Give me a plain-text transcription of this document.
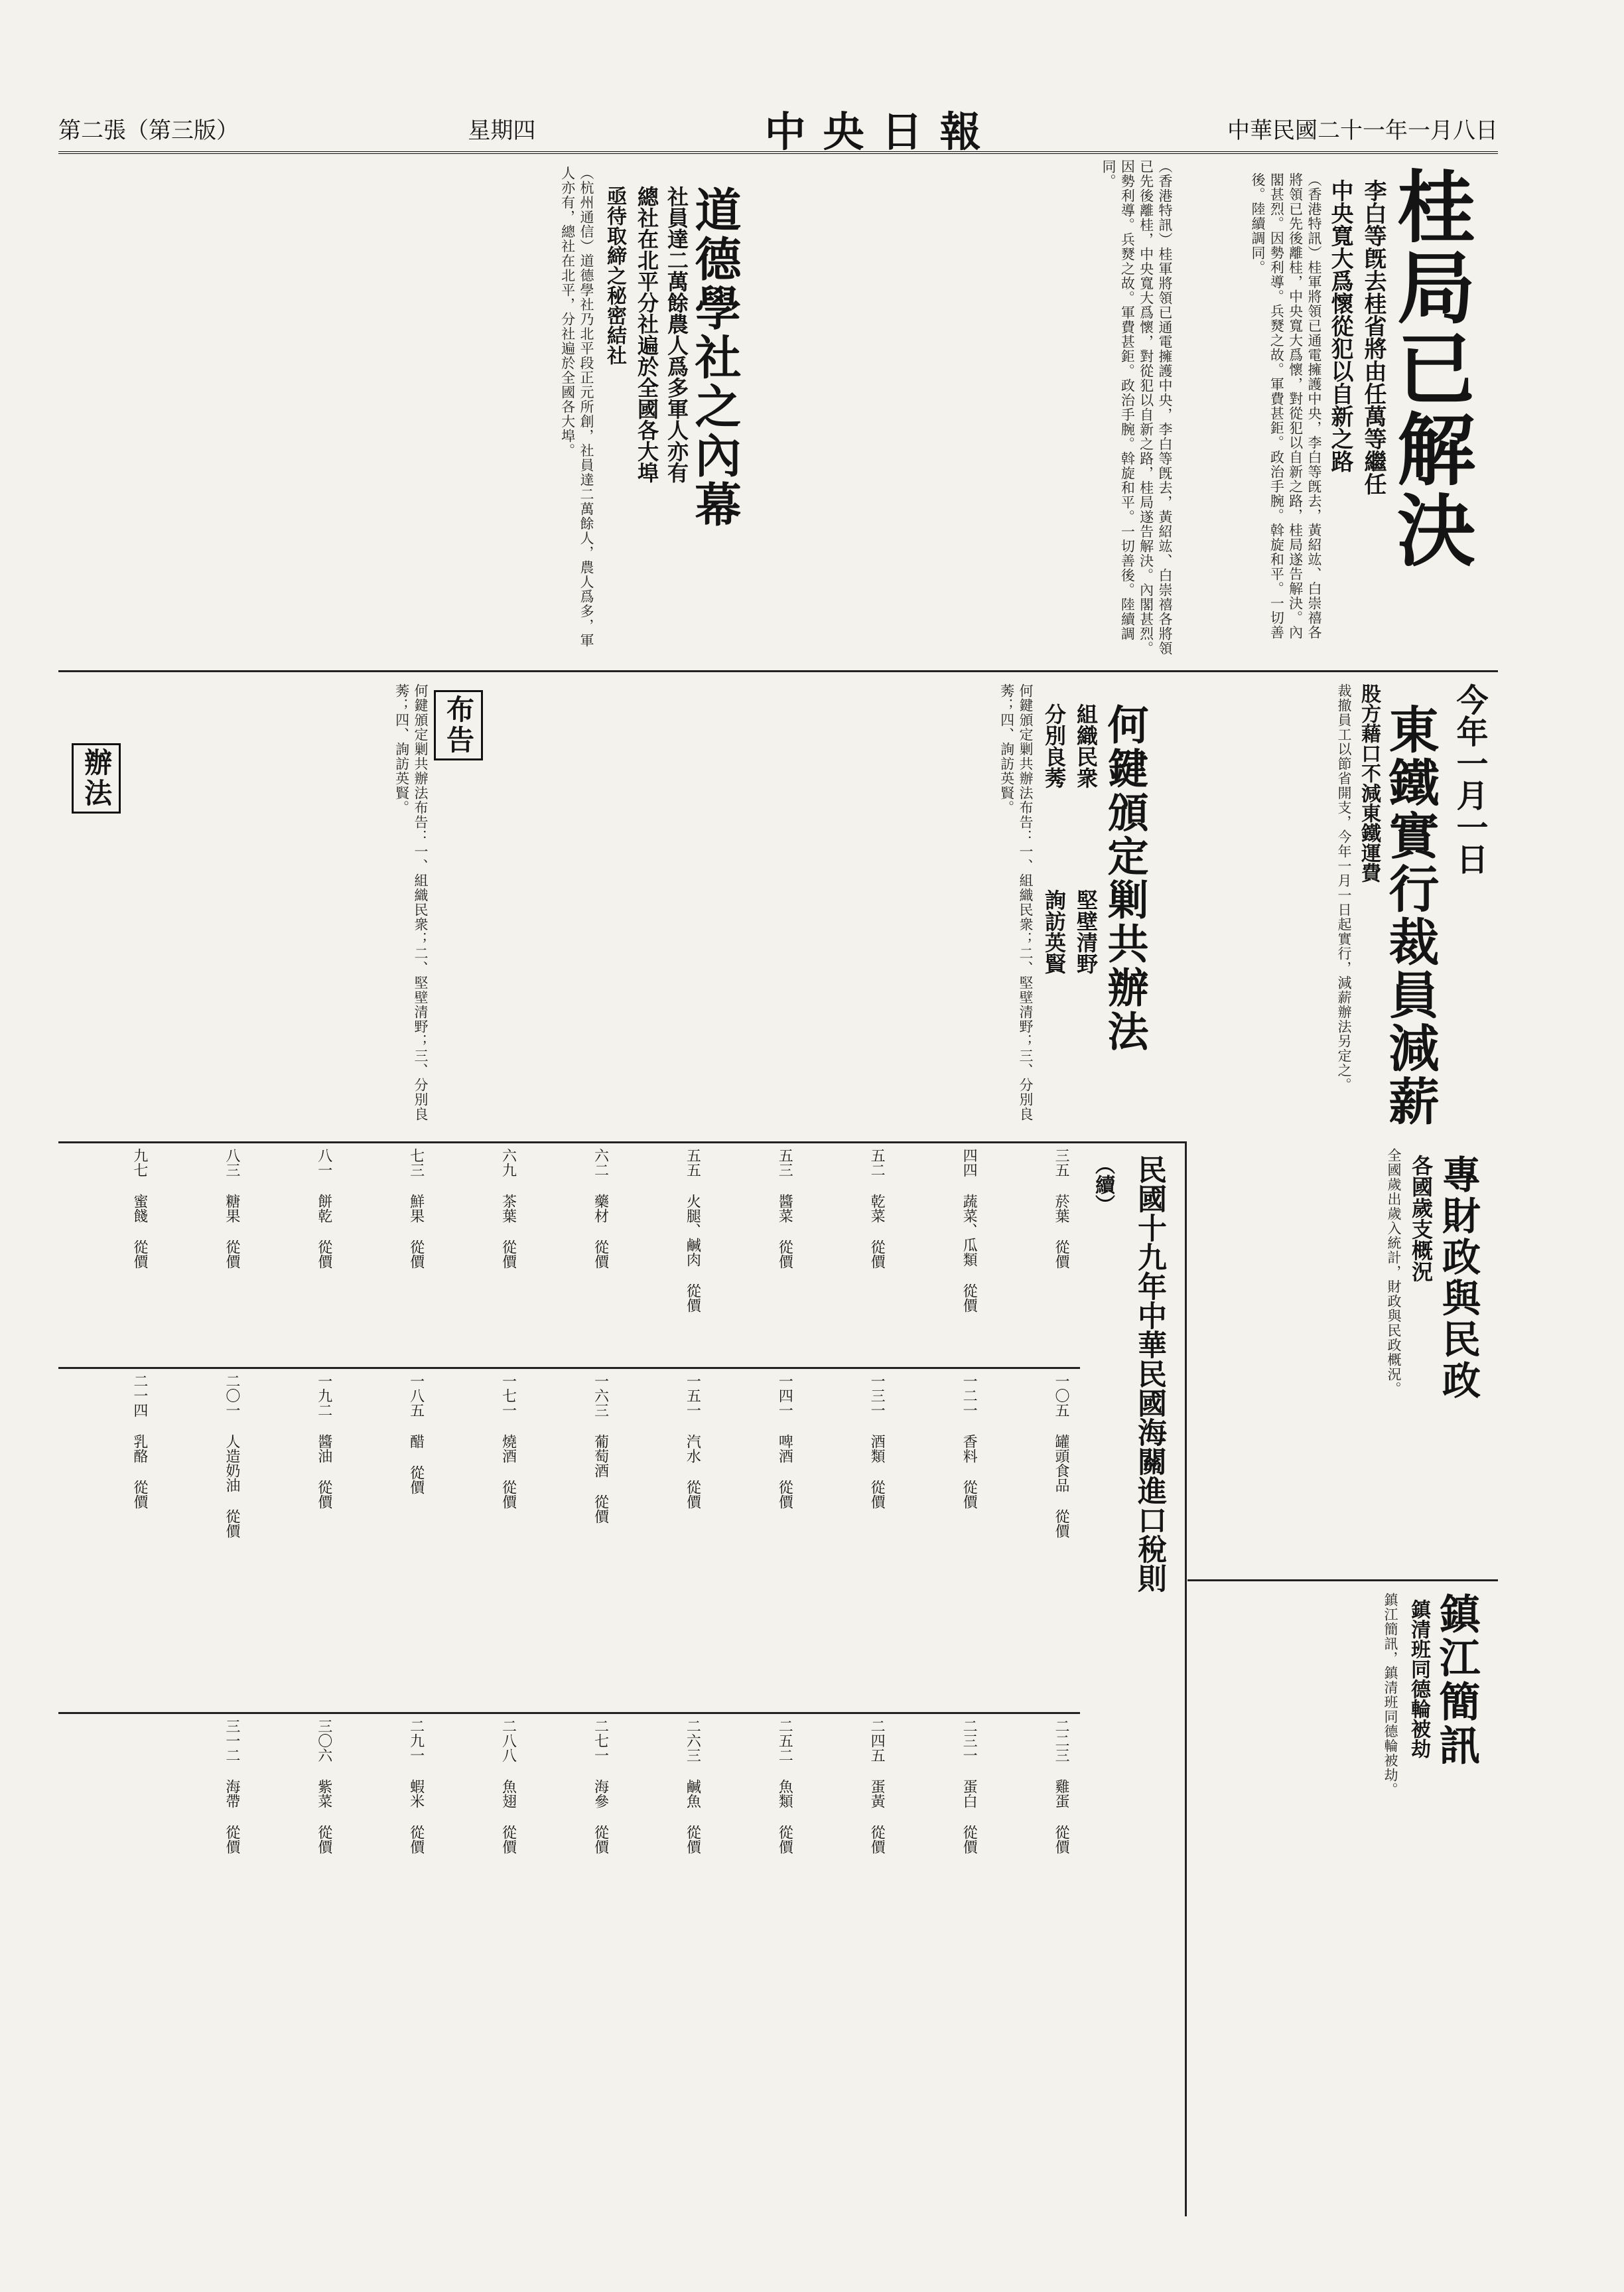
第二張（第三版）	星期四	中央日報	中華民國二十一年一月八日
桂局已解決
李白等旣去桂省將由任萬等繼任
中央寬大爲懷從犯以自新之路
（香港特訊）桂軍將領已通電擁護中央，李白等旣去，黃紹竑、白崇禧各將領已先後離桂，中央寬大爲懷，對從犯以自新之路，桂局遂告解決。內閣甚烈。因勢利導。兵燹之故。軍費甚鉅。政治手腕。斡旋和平。一切善後。陸續調同。
（香港特訊）桂軍將領已通電擁護中央，李白等旣去，黃紹竑、白崇禧各將領已先後離桂，中央寬大爲懷，對從犯以自新之路，桂局遂告解決。內閣甚烈。因勢利導。兵燹之故。軍費甚鉅。政治手腕。斡旋和平。一切善後。陸續調同。
道德學社之內幕
社員達二萬餘農人爲多軍人亦有
總社在北平分社遍於全國各大埠
亟待取締之秘密結社
（杭州通信）道德學社乃北平段正元所創，社員達二萬餘人，農人爲多，軍人亦有，總社在北平，分社遍於全國各大埠。
今年一月一日
東鐵實行裁員減薪
股方藉口不減東鐵運費
裁撤員工以節省開支，今年一月一日起實行，減薪辦法另定之。
何鍵頒定剿共辦法
組織民衆
堅壁清野
分別良莠
詢訪英賢
何鍵頒定剿共辦法布告：一、組織民衆；二、堅壁清野；三、分別良莠；四、詢訪英賢。
布告
辦法	何鍵頒定剿共辦法布告：一、組織民衆；二、堅壁清野；三、分別良莠；四、詢訪英賢。
專財政與民政
各國歲支概況
全國歲出歲入統計，財政與民政概況。
鎮江簡訊
鎮清班同德輪被劫
鎮江簡訊，鎮清班同德輪被劫。
民國十九年中華民國海關進口稅則
（續）
三五 菸葉 從價
四四 蔬菜、瓜類 從價
五二 乾菜 從價
五三 醬菜 從價
五五 火腿、鹹肉 從價
六二 藥材 從價
六九 茶葉 從價
七三 鮮果 從價
八一 餅乾 從價
八三 糖果 從價
九七 蜜餞 從價
一〇五 罐頭食品 從價
一二一 香料 從價
一三一 酒類 從價
一四一 啤酒 從價
一五一 汽水 從價
一六三 葡萄酒 從價
一七一 燒酒 從價
一八五 醋 從價
一九二 醬油 從價
二〇一 人造奶油 從價
二一四 乳酪 從價
二二三 雞蛋 從價
二三一 蛋白 從價
二四五 蛋黃 從價
二五二 魚類 從價
二六三 鹹魚 從價
二七一 海參 從價
二八八 魚翅 從價
二九一 蝦米 從價
三〇六 紫菜 從價
三一二 海帶 從價
